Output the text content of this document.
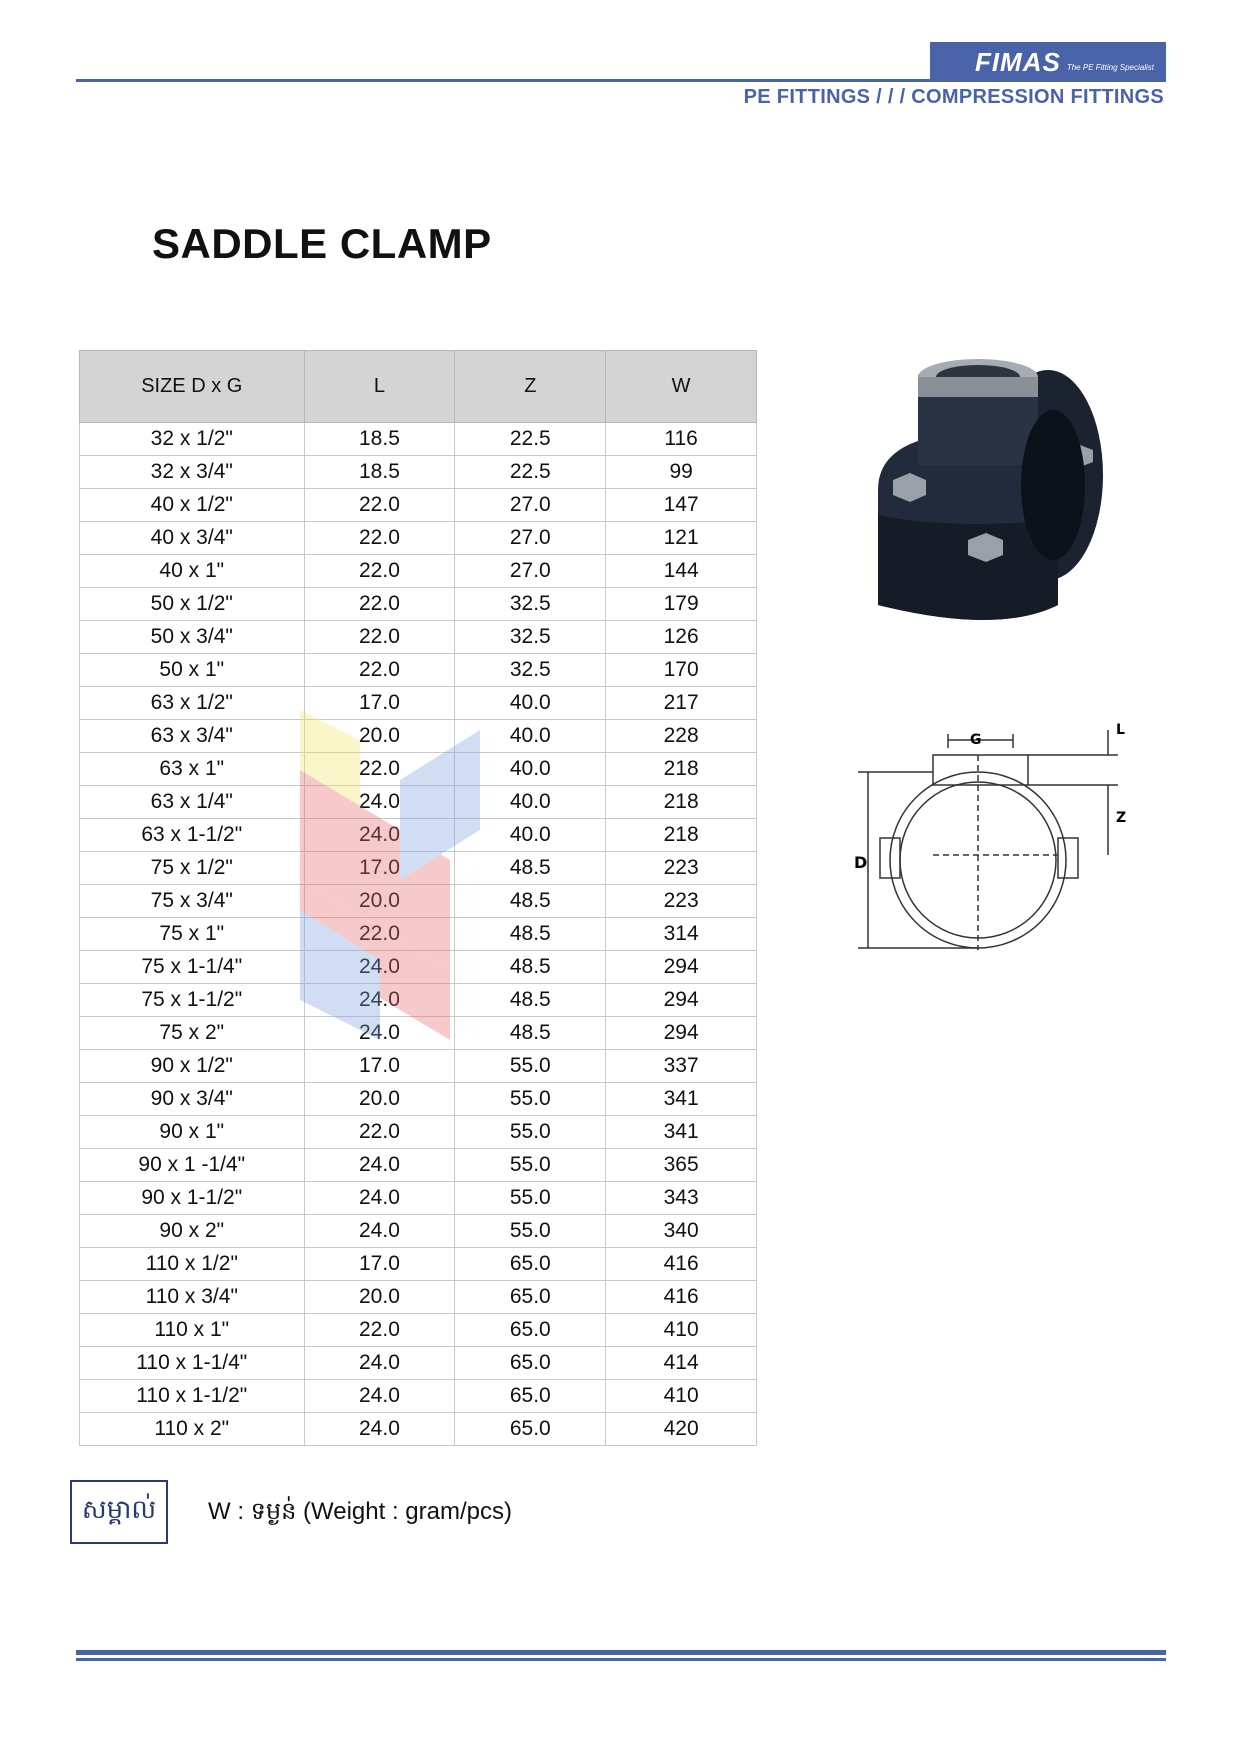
FIMAS The PE Fitting Specialist
PE FITTINGS / / / COMPRESSION FITTINGS
SADDLE CLAMP
SIZE D x G	L	Z	W
32 x 1/2"	18.5	22.5	116
32 x 3/4"	18.5	22.5	99
40 x 1/2"	22.0	27.0	147
40 x 3/4"	22.0	27.0	121
40 x 1"	22.0	27.0	144
50 x 1/2"	22.0	32.5	179
50 x 3/4"	22.0	32.5	126
50 x 1"	22.0	32.5	170
63 x 1/2"	17.0	40.0	217
63 x 3/4"	20.0	40.0	228
63 x 1"	22.0	40.0	218
63 x 1/4"	24.0	40.0	218
63 x 1-1/2"	24.0	40.0	218
75 x 1/2"	17.0	48.5	223
75 x 3/4"	20.0	48.5	223
75 x 1"	22.0	48.5	314
75 x 1-1/4"	24.0	48.5	294
75 x 1-1/2"	24.0	48.5	294
75 x 2"	24.0	48.5	294
90 x 1/2"	17.0	55.0	337
90 x 3/4"	20.0	55.0	341
90 x 1"	22.0	55.0	341
90 x 1 -1/4"	24.0	55.0	365
90 x 1-1/2"	24.0	55.0	343
90 x 2"	24.0	55.0	340
110 x 1/2"	17.0	65.0	416
110 x 3/4"	20.0	65.0	416
110 x 1"	22.0	65.0	410
110 x 1-1/4"	24.0	65.0	414
110 x 1-1/2"	24.0	65.0	410
110 x 2"	24.0	65.0	420
G
L
Z
D
សម្គាល់	W : ទម្ងន់ (Weight : gram/pcs)
